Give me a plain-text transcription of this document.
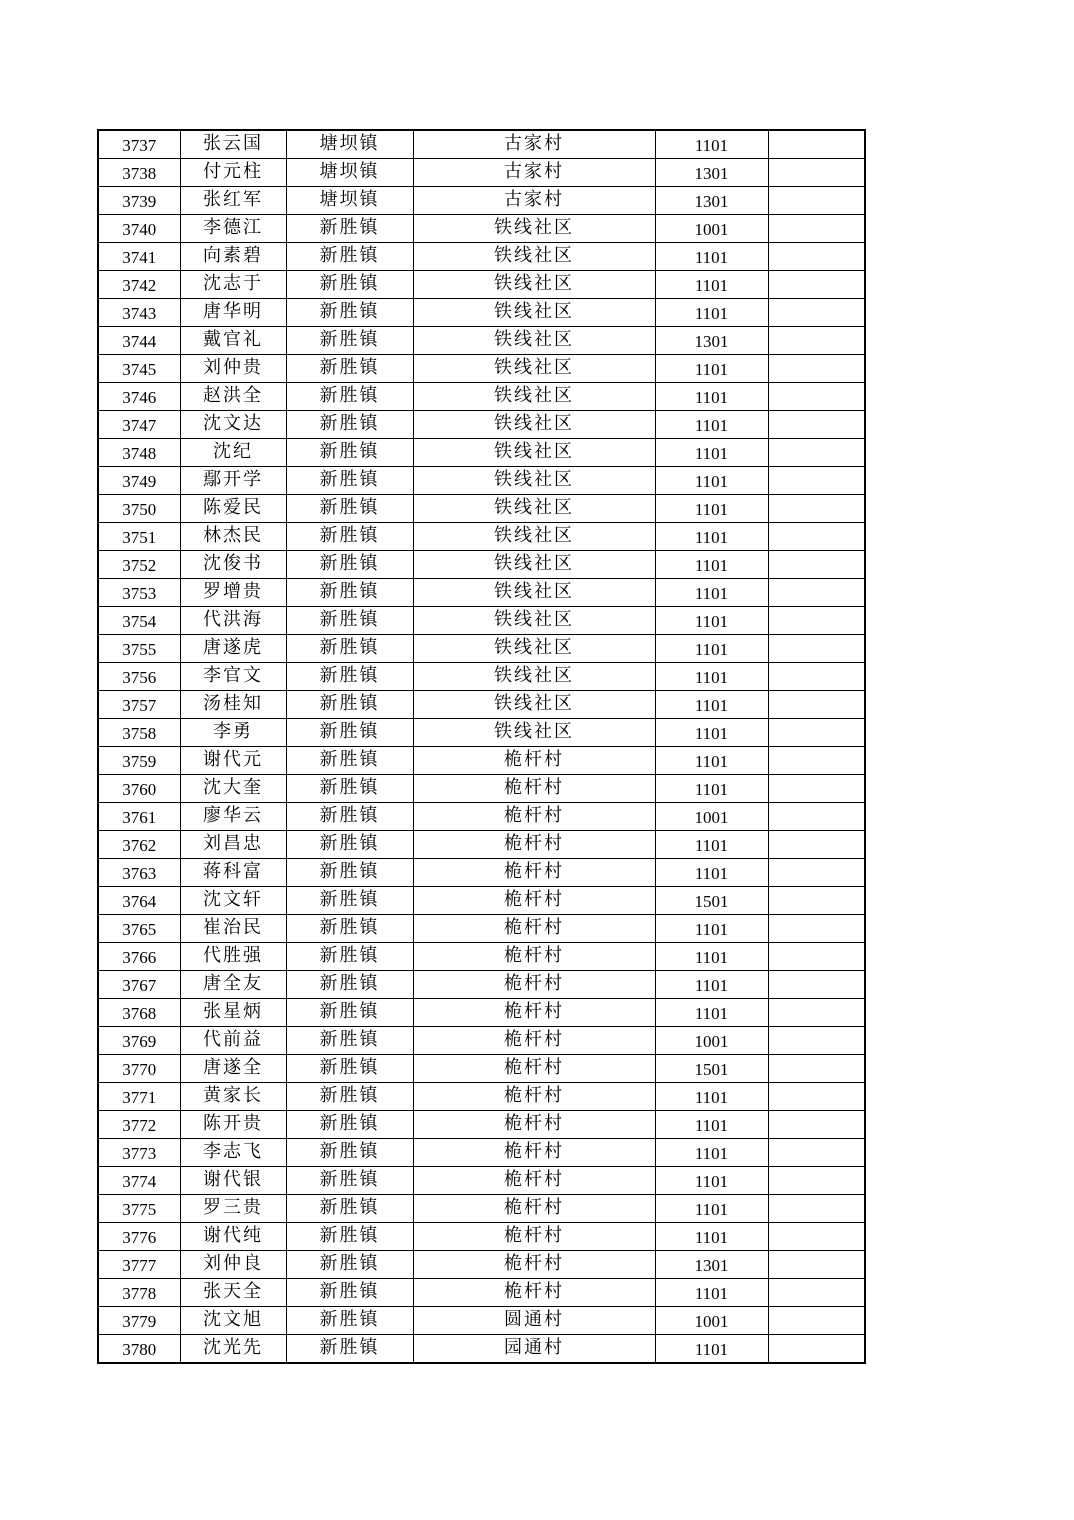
3737	张云国	塘坝镇	古家村	1101	
3738	付元柱	塘坝镇	古家村	1301	
3739	张红军	塘坝镇	古家村	1301	
3740	李德江	新胜镇	铁线社区	1001	
3741	向素碧	新胜镇	铁线社区	1101	
3742	沈志于	新胜镇	铁线社区	1101	
3743	唐华明	新胜镇	铁线社区	1101	
3744	戴官礼	新胜镇	铁线社区	1301	
3745	刘仲贵	新胜镇	铁线社区	1101	
3746	赵洪全	新胜镇	铁线社区	1101	
3747	沈文达	新胜镇	铁线社区	1101	
3748	沈纪	新胜镇	铁线社区	1101	
3749	鄢开学	新胜镇	铁线社区	1101	
3750	陈爱民	新胜镇	铁线社区	1101	
3751	林杰民	新胜镇	铁线社区	1101	
3752	沈俊书	新胜镇	铁线社区	1101	
3753	罗增贵	新胜镇	铁线社区	1101	
3754	代洪海	新胜镇	铁线社区	1101	
3755	唐遂虎	新胜镇	铁线社区	1101	
3756	李官文	新胜镇	铁线社区	1101	
3757	汤桂知	新胜镇	铁线社区	1101	
3758	李勇	新胜镇	铁线社区	1101	
3759	谢代元	新胜镇	桅杆村	1101	
3760	沈大奎	新胜镇	桅杆村	1101	
3761	廖华云	新胜镇	桅杆村	1001	
3762	刘昌忠	新胜镇	桅杆村	1101	
3763	蒋科富	新胜镇	桅杆村	1101	
3764	沈文轩	新胜镇	桅杆村	1501	
3765	崔治民	新胜镇	桅杆村	1101	
3766	代胜强	新胜镇	桅杆村	1101	
3767	唐全友	新胜镇	桅杆村	1101	
3768	张星炳	新胜镇	桅杆村	1101	
3769	代前益	新胜镇	桅杆村	1001	
3770	唐遂全	新胜镇	桅杆村	1501	
3771	黄家长	新胜镇	桅杆村	1101	
3772	陈开贵	新胜镇	桅杆村	1101	
3773	李志飞	新胜镇	桅杆村	1101	
3774	谢代银	新胜镇	桅杆村	1101	
3775	罗三贵	新胜镇	桅杆村	1101	
3776	谢代纯	新胜镇	桅杆村	1101	
3777	刘仲良	新胜镇	桅杆村	1301	
3778	张天全	新胜镇	桅杆村	1101	
3779	沈文旭	新胜镇	圆通村	1001	
3780	沈光先	新胜镇	园通村	1101	
